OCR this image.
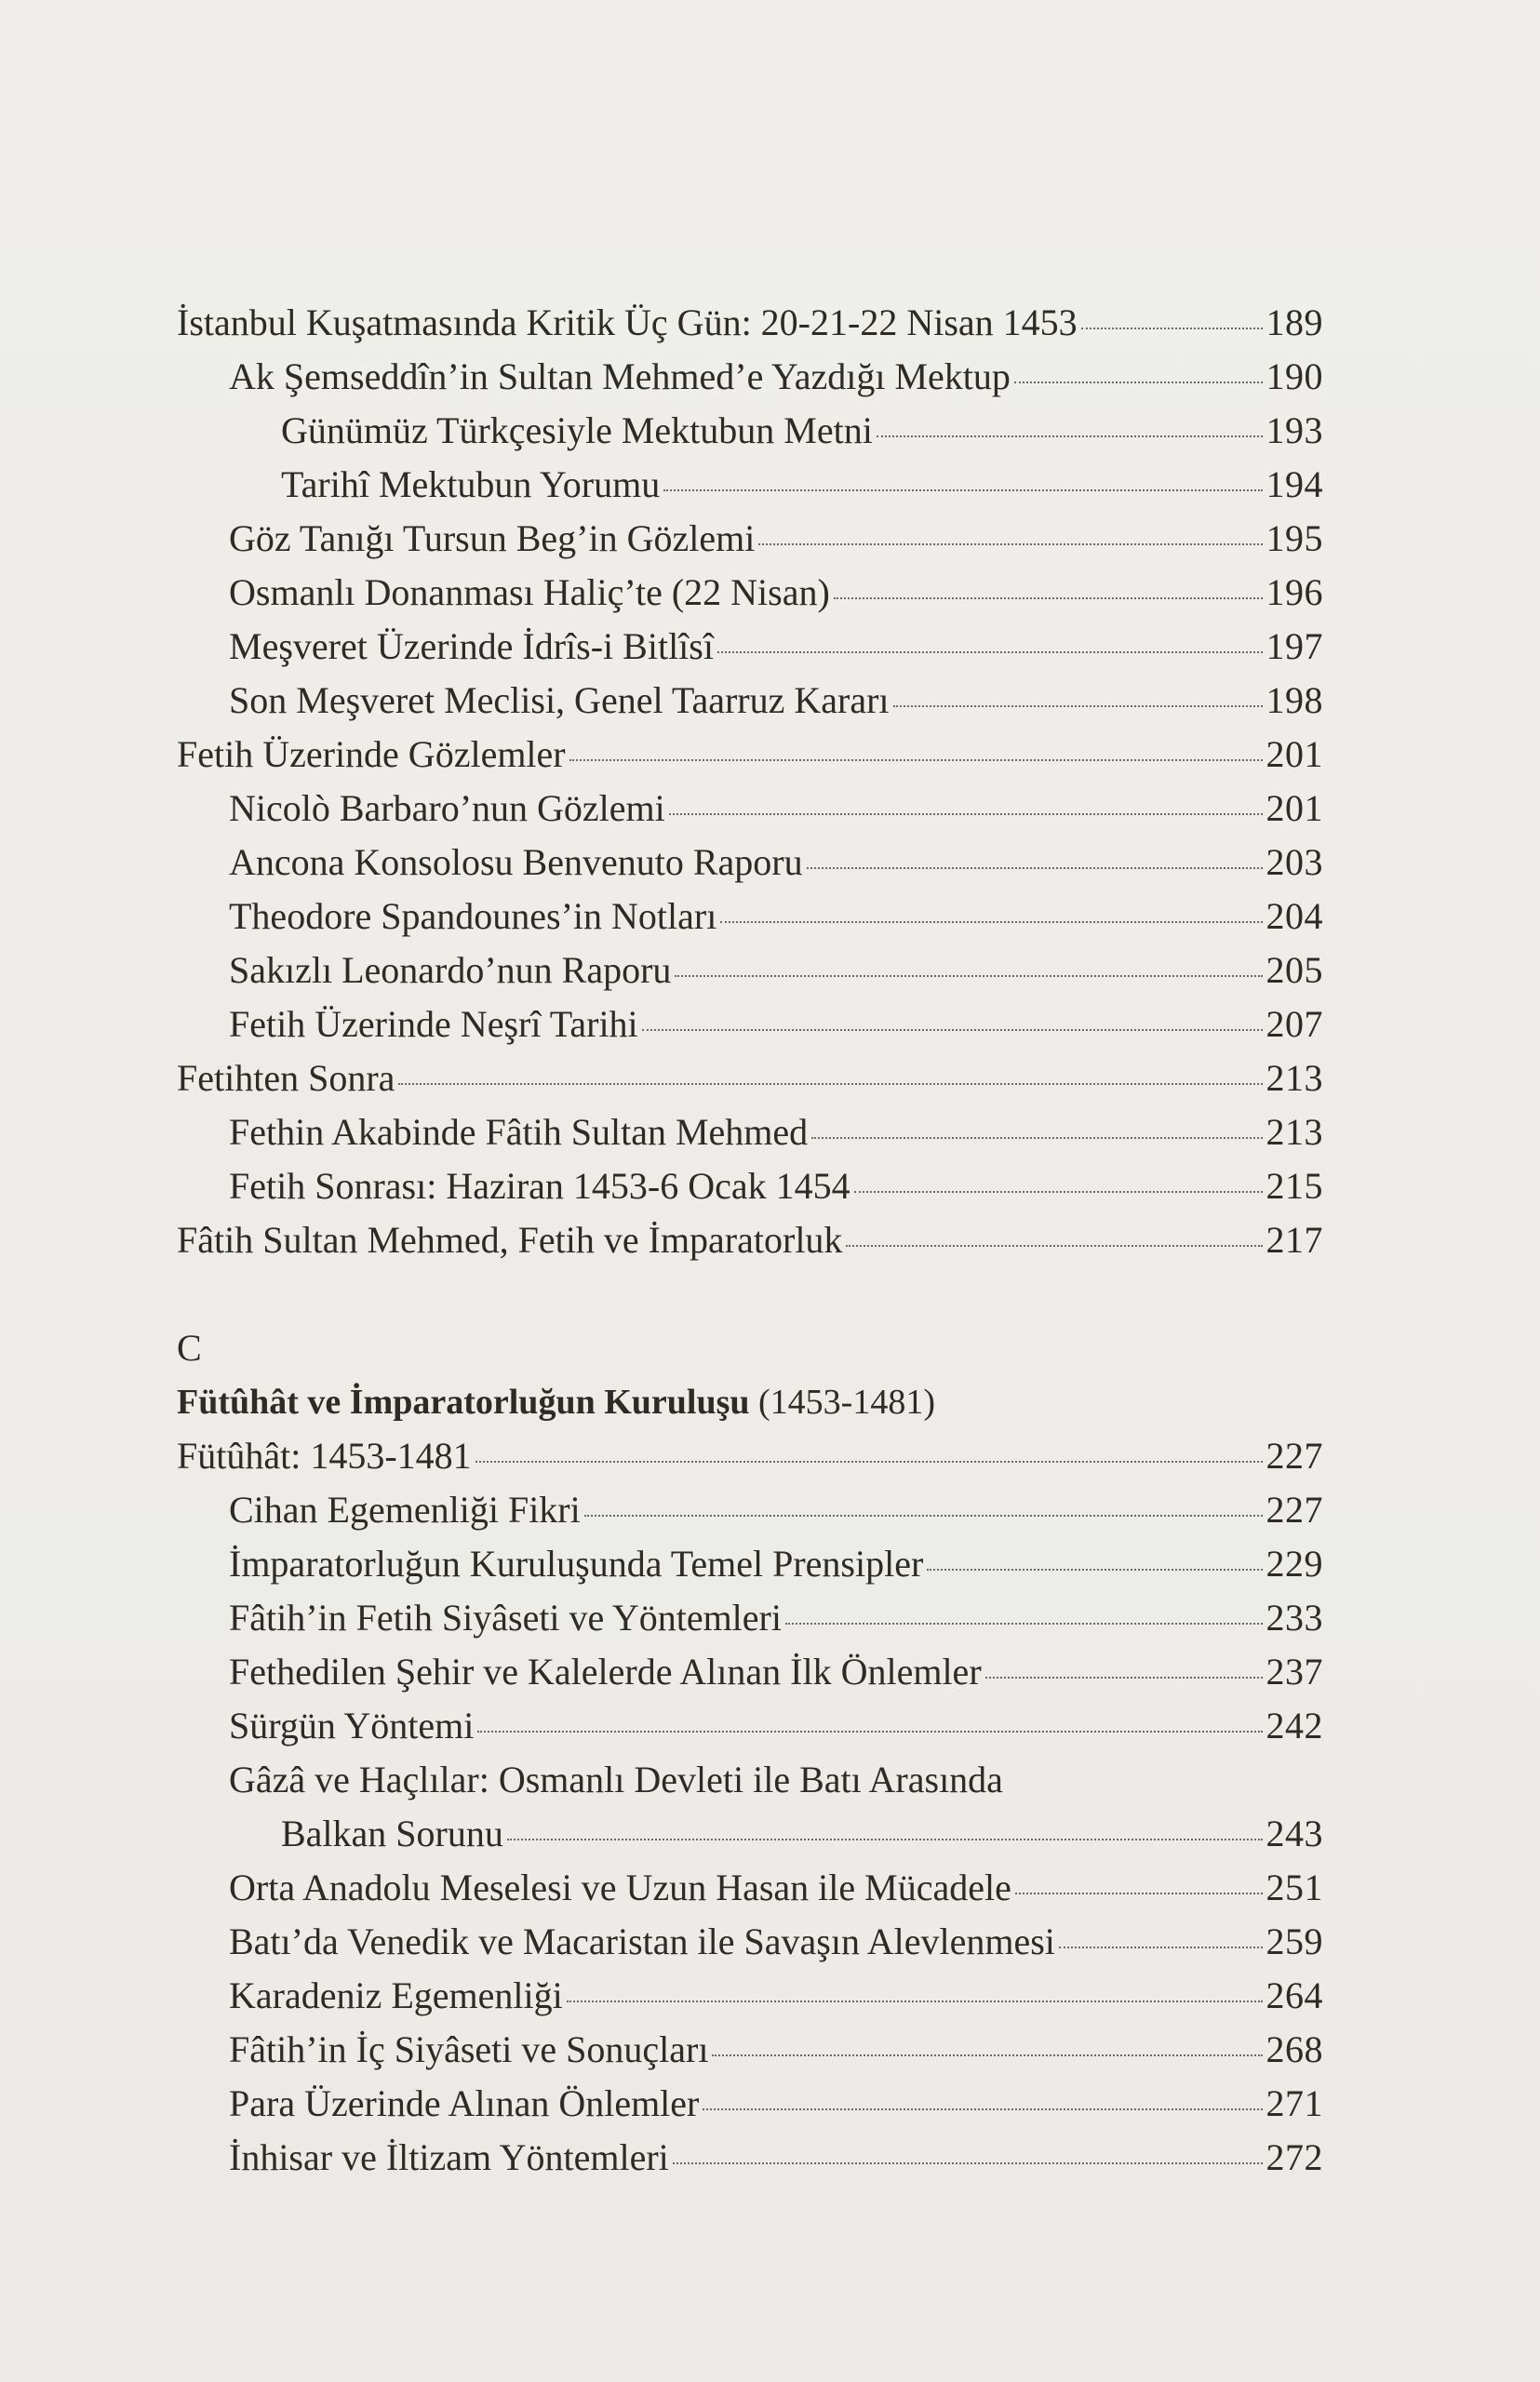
İstanbul Kuşatmasında Kritik Üç Gün: 20-21-22 Nisan 1453	189
Ak Şemseddîn’in Sultan Mehmed’e Yazdığı Mektup	190
Günümüz Türkçesiyle Mektubun Metni	193
Tarihî Mektubun Yorumu	194
Göz Tanığı Tursun Beg’in Gözlemi	195
Osmanlı Donanması Haliç’te (22 Nisan)	196
Meşveret Üzerinde İdrîs-i Bitlîsî	197
Son Meşveret Meclisi, Genel Taarruz Kararı	198
Fetih Üzerinde Gözlemler	201
Nicolò Barbaro’nun Gözlemi	201
Ancona Konsolosu Benvenuto Raporu	203
Theodore Spandounes’in Notları	204
Sakızlı Leonardo’nun Raporu	205
Fetih Üzerinde Neşrî Tarihi	207
Fetihten Sonra	213
Fethin Akabinde Fâtih Sultan Mehmed	213
Fetih Sonrası: Haziran 1453-6 Ocak 1454	215
Fâtih Sultan Mehmed, Fetih ve İmparatorluk	217
C
Fütûhât ve İmparatorluğun Kuruluşu (1453-1481)
Fütûhât: 1453-1481	227
Cihan Egemenliği Fikri	227
İmparatorluğun Kuruluşunda Temel Prensipler	229
Fâtih’in Fetih Siyâseti ve Yöntemleri	233
Fethedilen Şehir ve Kalelerde Alınan İlk Önlemler	237
Sürgün Yöntemi	242
Gâzâ ve Haçlılar: Osmanlı Devleti ile Batı Arasında
Balkan Sorunu	243
Orta Anadolu Meselesi ve Uzun Hasan ile Mücadele	251
Batı’da Venedik ve Macaristan ile Savaşın Alevlenmesi	259
Karadeniz Egemenliği	264
Fâtih’in İç Siyâseti ve Sonuçları	268
Para Üzerinde Alınan Önlemler	271
İnhisar ve İltizam Yöntemleri	272
